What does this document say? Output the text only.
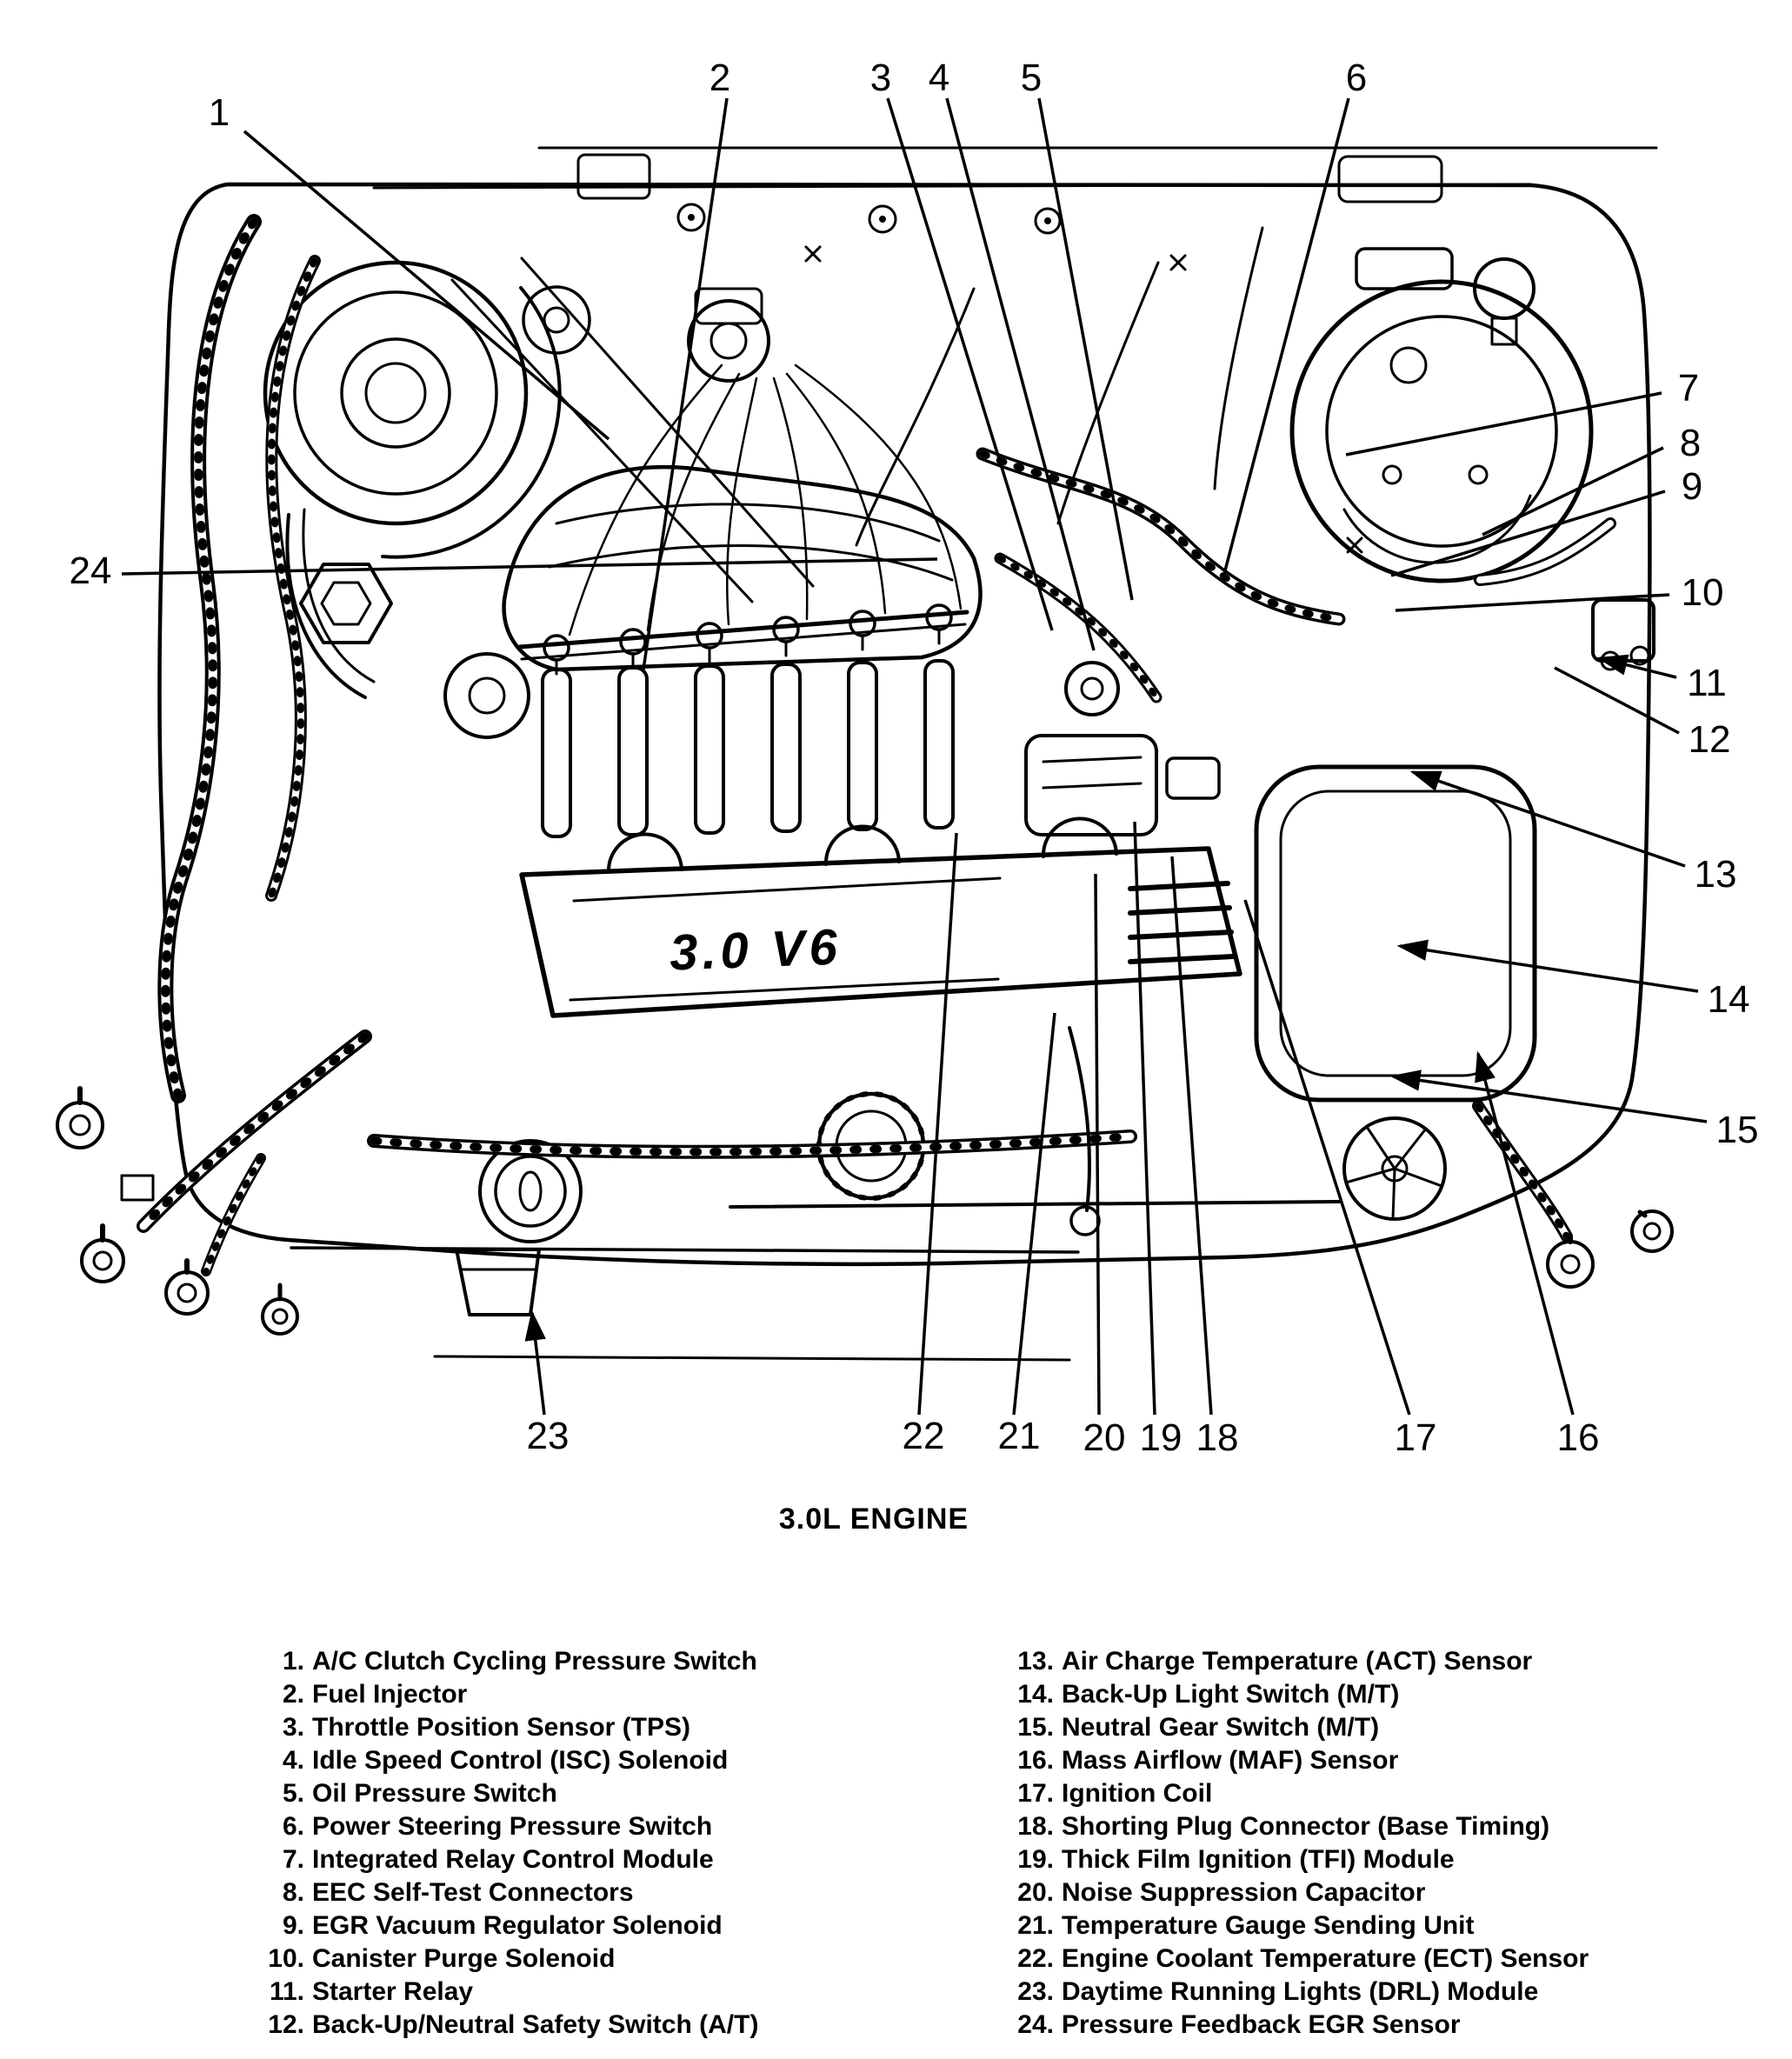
3.0 V6
1
2	3 4 5	6
7
8
9
10
11
12
13
14
15
16
17
18
19
20
21
22
23
24
3.0L ENGINE
1. A/C Clutch Cycling Pressure Switch
2. Fuel Injector
3. Throttle Position Sensor (TPS)
4. Idle Speed Control (ISC) Solenoid
5. Oil Pressure Switch
6. Power Steering Pressure Switch
7. Integrated Relay Control Module
8. EEC Self-Test Connectors
9. EGR Vacuum Regulator Solenoid
10. Canister Purge Solenoid
11. Starter Relay
12. Back-Up/Neutral Safety Switch (A/T)
13. Air Charge Temperature (ACT) Sensor
14. Back-Up Light Switch (M/T)
15. Neutral Gear Switch (M/T)
16. Mass Airflow (MAF) Sensor
17. Ignition Coil
18. Shorting Plug Connector (Base Timing)
19. Thick Film Ignition (TFI) Module
20. Noise Suppression Capacitor
21. Temperature Gauge Sending Unit
22. Engine Coolant Temperature (ECT) Sensor
23. Daytime Running Lights (DRL) Module
24. Pressure Feedback EGR Sensor
